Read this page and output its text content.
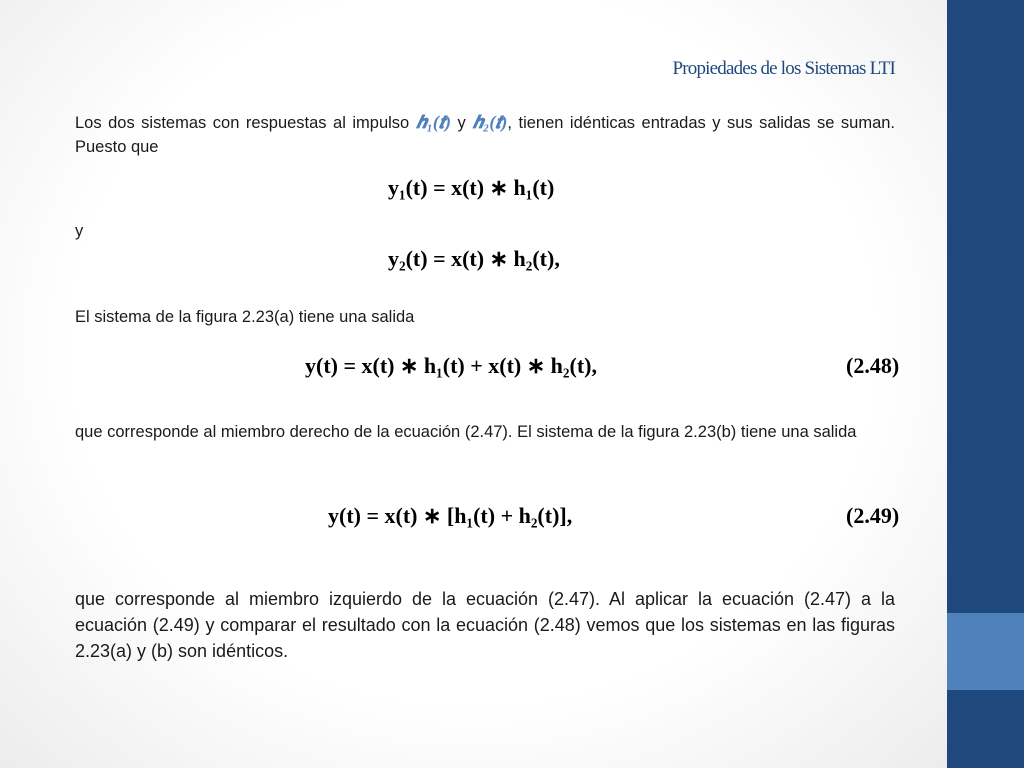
Propiedades de los Sistemas LTI
Los dos sistemas con respuestas al impulso 𝒉₁(𝒕) y 𝒉₂(𝒕), tienen idénticas entradas y sus salidas se suman. Puesto que
y₁(t) = x(t) ∗ h₁(t)
y
y₂(t) = x(t) ∗ h₂(t),
El sistema de la figura 2.23(a) tiene una salida
y(t) = x(t) ∗ h₁(t) + x(t) ∗ h₂(t),	(2.48)
que corresponde al miembro derecho de la ecuación (2.47). El sistema de la figura 2.23(b) tiene una salida
y(t) = x(t) ∗ [h₁(t) + h₂(t)],	(2.49)
que corresponde al miembro izquierdo de la ecuación (2.47). Al aplicar la ecuación (2.47) a la ecuación (2.49) y comparar el resultado con la ecuación (2.48) vemos que los sistemas en las figuras 2.23(a) y (b) son idénticos.
